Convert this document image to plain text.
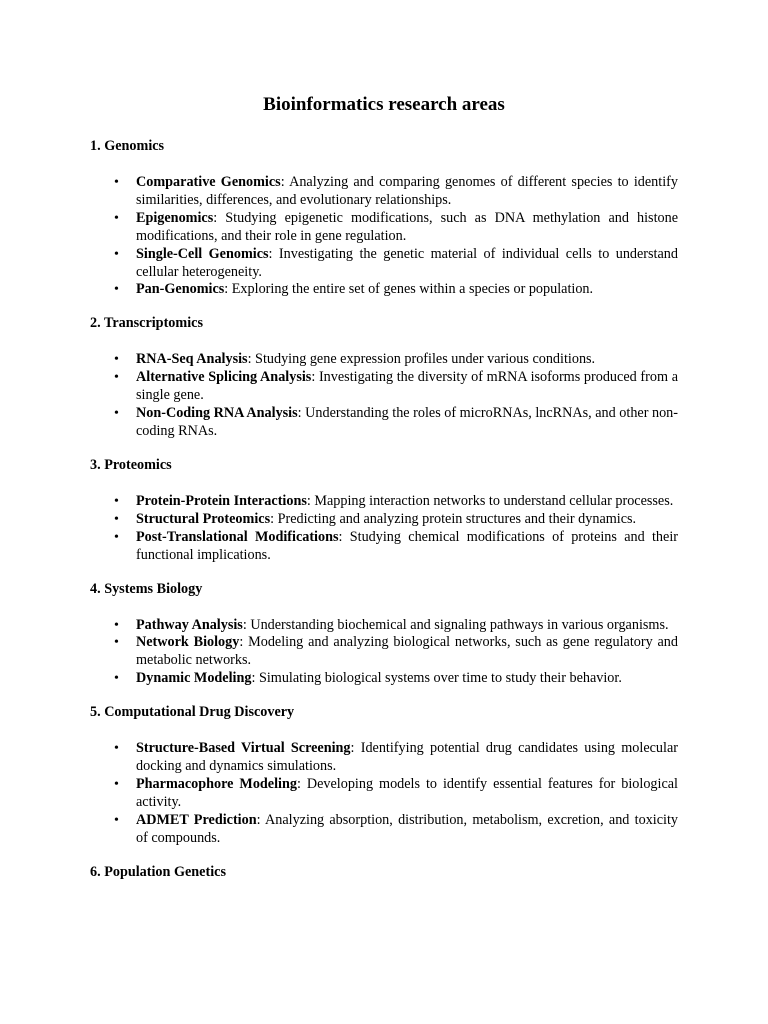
Bioinformatics research areas
1. Genomics
• Comparative Genomics: Analyzing and comparing genomes of different species to identify similarities, differences, and evolutionary relationships.
• Epigenomics: Studying epigenetic modifications, such as DNA methylation and histone modifications, and their role in gene regulation.
• Single-Cell Genomics: Investigating the genetic material of individual cells to understand cellular heterogeneity.
• Pan-Genomics: Exploring the entire set of genes within a species or population.
2. Transcriptomics
• RNA-Seq Analysis: Studying gene expression profiles under various conditions.
• Alternative Splicing Analysis: Investigating the diversity of mRNA isoforms produced from a single gene.
• Non-Coding RNA Analysis: Understanding the roles of microRNAs, lncRNAs, and other non-coding RNAs.
3. Proteomics
• Protein-Protein Interactions: Mapping interaction networks to understand cellular processes.
• Structural Proteomics: Predicting and analyzing protein structures and their dynamics.
• Post-Translational Modifications: Studying chemical modifications of proteins and their functional implications.
4. Systems Biology
• Pathway Analysis: Understanding biochemical and signaling pathways in various organisms.
• Network Biology: Modeling and analyzing biological networks, such as gene regulatory and metabolic networks.
• Dynamic Modeling: Simulating biological systems over time to study their behavior.
5. Computational Drug Discovery
• Structure-Based Virtual Screening: Identifying potential drug candidates using molecular docking and dynamics simulations.
• Pharmacophore Modeling: Developing models to identify essential features for biological activity.
• ADMET Prediction: Analyzing absorption, distribution, metabolism, excretion, and toxicity of compounds.
6. Population Genetics
